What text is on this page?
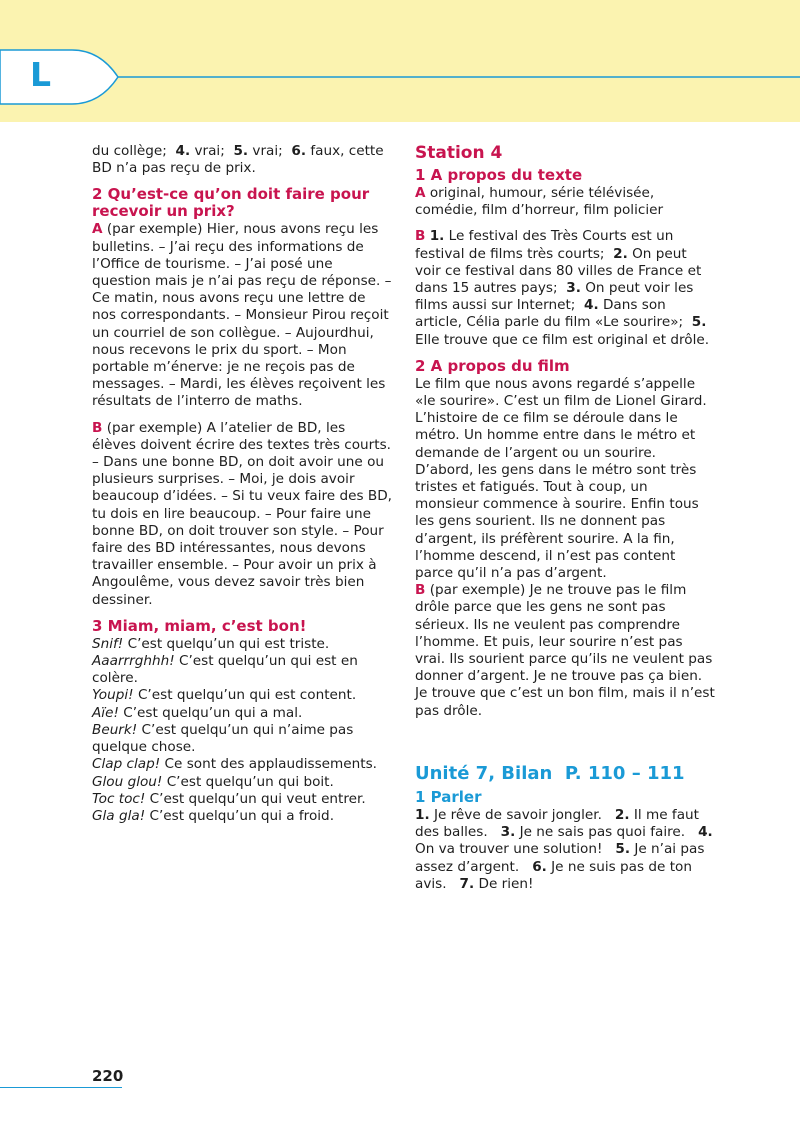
L

du collège; 4. vrai; 5. vrai; 6. faux, cette BD n’a pas reçu de prix.

2 Qu’est-ce qu’on doit faire pour recevoir un prix?

A (par exemple) Hier, nous avons reçu les bulletins. – J’ai reçu des informations de l’Office de tourisme. – J’ai posé une question mais je n’ai pas reçu de réponse. – Ce matin, nous avons reçu une lettre de nos correspondants. – Monsieur Pirou reçoit un courriel de son collègue. – Aujourdhui, nous recevons le prix du sport. – Mon portable m’énerve: je ne reçois pas de messages. – Mardi, les élèves reçoivent les résultats de l’interro de maths.

B (par exemple) A l’atelier de BD, les élèves doivent écrire des textes très courts. – Dans une bonne BD, on doit avoir une ou plusieurs surprises. – Moi, je dois avoir beaucoup d’idées. – Si tu veux faire des BD, tu dois en lire beaucoup. – Pour faire une bonne BD, on doit trouver son style. – Pour faire des BD intéressantes, nous devons travailler ensemble. – Pour avoir un prix à Angoulême, vous devez savoir très bien dessiner.

3 Miam, miam, c’est bon!
Snif! C’est quelqu’un qui est triste.
Aaarrrghhh! C’est quelqu’un qui est en colère.
Youpi! C’est quelqu’un qui est content.
Aïe! C’est quelqu’un qui a mal.
Beurk! C’est quelqu’un qui n’aime pas quelque chose.
Clap clap! Ce sont des applaudissements.
Glou glou! C’est quelqu’un qui boit.
Toc toc! C’est quelqu’un qui veut entrer.
Gla gla! C’est quelqu’un qui a froid.
Station 4
1 A propos du texte

A original, humour, série télévisée, comédie, film d’horreur, film policier

B 1. Le festival des Très Courts est un festival de films très courts; 2. On peut voir ce festival dans 80 villes de France et dans 15 autres pays; 3. On peut voir les films aussi sur Internet; 4. Dans son article, Célia parle du film «Le sourire»; 5. Elle trouve que ce film est original et drôle.

2 A propos du film

Le film que nous avons regardé s’appelle «le sourire». C’est un film de Lionel Girard. L’histoire de ce film se déroule dans le métro. Un homme entre dans le métro et demande de l’argent ou un sourire. D’abord, les gens dans le métro sont très tristes et fatigués. Tout à coup, un monsieur commence à sourire. Enfin tous les gens sourient. Ils ne donnent pas d’argent, ils préfèrent sourire. A la fin, l’homme descend, il n’est pas content parce qu’il n’a pas d’argent.

B (par exemple) Je ne trouve pas le film drôle parce que les gens ne sont pas sérieux. Ils ne veulent pas comprendre l’homme. Et puis, leur sourire n’est pas vrai. Ils sourient parce qu’ils ne veulent pas donner d’argent. Je ne trouve pas ça bien. Je trouve que c’est un bon film, mais il n’est pas drôle.

Unité 7, Bilan P. 110 – 111
1 Parler

1. Je rêve de savoir jongler. 2. Il me faut des balles. 3. Je ne sais pas quoi faire. 4. On va trouver une solution! 5. Je n’ai pas assez d’argent. 6. Je ne suis pas de ton avis. 7. De rien!

220
